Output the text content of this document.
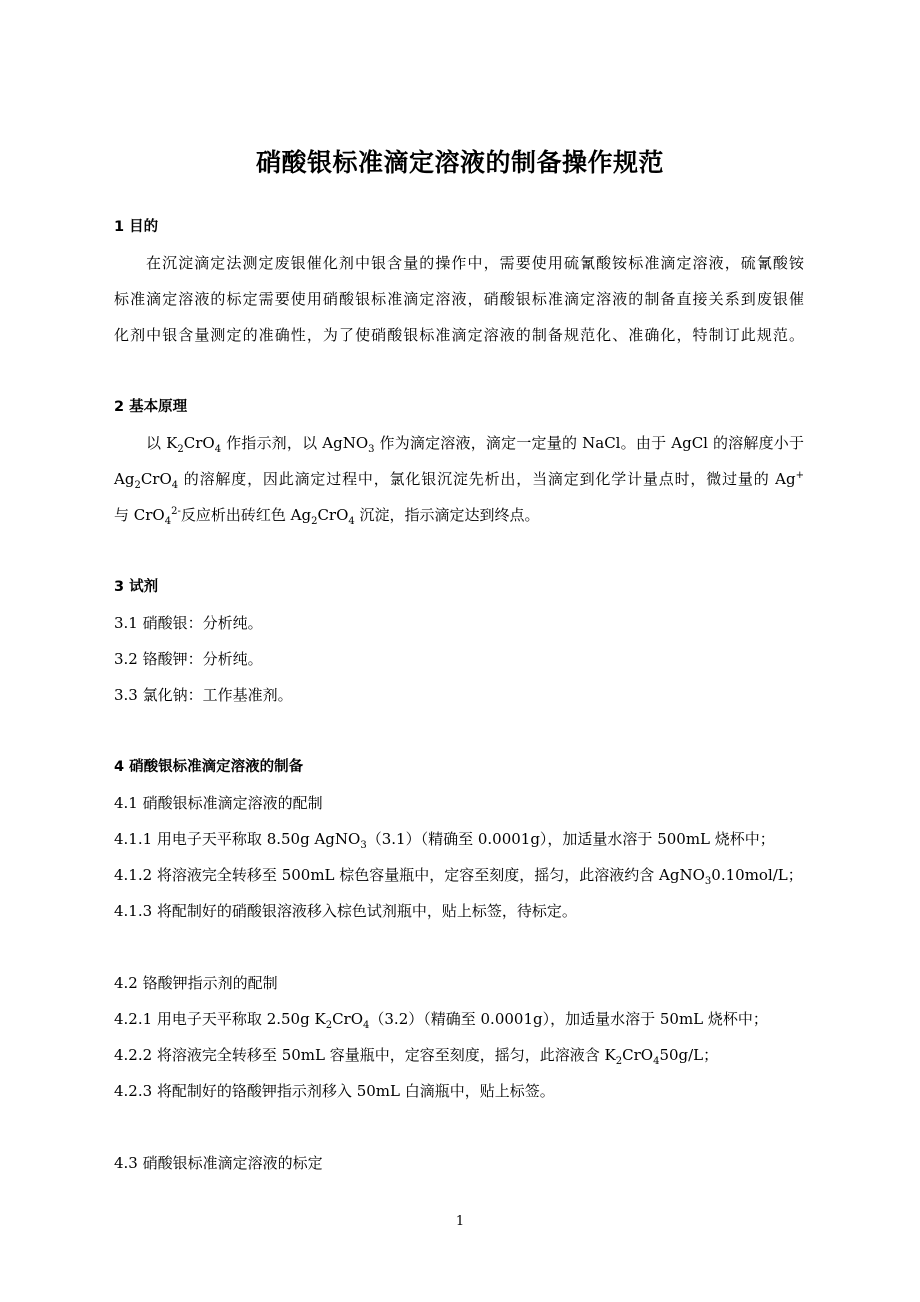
硝酸银标准滴定溶液的制备操作规范
1 目的
在沉淀滴定法测定废银催化剂中银含量的操作中，需要使用硫氰酸铵标准滴定溶液，硫氰酸铵
标准滴定溶液的标定需要使用硝酸银标准滴定溶液，硝酸银标准滴定溶液的制备直接关系到废银催
化剂中银含量测定的准确性，为了使硝酸银标准滴定溶液的制备规范化、准确化，特制订此规范。
2 基本原理
以 $K_2CrO_4$ 作指示剂，以 AgNO$_3$ 作为滴定溶液，滴定一定量的 NaCl。由于 AgCl 的溶解度小于
$Ag_2CrO_4$ 的溶解度，因此滴定过程中，氯化银沉淀先析出，当滴定到化学计量点时，微过量的 Ag+
与 CrO$_4^{2-}$反应析出砖红色 $Ag_2CrO_4$ 沉淀，指示滴定达到终点。
3 试剂
3.1 硝酸银：分析纯。
3.2 铬酸钾：分析纯。
3.3 氯化钠：工作基准剂。
4 硝酸银标准滴定溶液的制备
4.1 硝酸银标准滴定溶液的配制
4.1.1 用电子天平称取 8.50g AgNO$_3$（3.1）（精确至 0.0001g），加适量水溶于 500mL 烧杯中；
4.1.2 将溶液完全转移至 500mL 棕色容量瓶中，定容至刻度，摇匀，此溶液约含 AgNO$_3$0.10mol/L；
4.1.3 将配制好的硝酸银溶液移入棕色试剂瓶中，贴上标签，待标定。
4.2 铬酸钾指示剂的配制
4.2.1 用电子天平称取 2.50g $K_2CrO_4(3.2)$（精确至 0.0001g），加适量水溶于 50mL 烧杯中；
4.2.2 将溶液完全转移至 50mL 容量瓶中，定容至刻度，摇匀，此溶液含 $K_2CrO_450g/L$；
4.2.3 将配制好的铬酸钾指示剂移入 50mL 白滴瓶中，贴上标签。
4.3 硝酸银标准滴定溶液的标定
1
